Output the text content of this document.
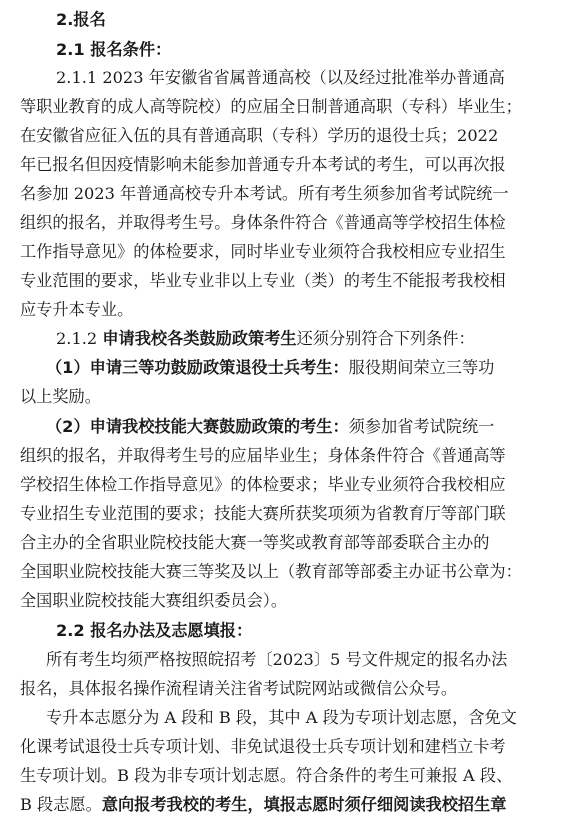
2.报名
2.1 报名条件：
2.1.1 2023 年安徽省省属普通高校（以及经过批准举办普通高
等职业教育的成人高等院校）的应届全日制普通高职（专科）毕业生；
在安徽省应征入伍的具有普通高职（专科）学历的退役士兵；2022
年已报名但因疫情影响未能参加普通专升本考试的考生，可以再次报
名参加 2023 年普通高校专升本考试。所有考生须参加省考试院统一
组织的报名，并取得考生号。身体条件符合《普通高等学校招生体检
工作指导意见》的体检要求，同时毕业专业须符合我校相应专业招生
专业范围的要求，毕业专业非以上专业（类）的考生不能报考我校相
应专升本专业。
2.1.2 申请我校各类鼓励政策考生还须分别符合下列条件：
（1）申请三等功鼓励政策退役士兵考生：服役期间荣立三等功
以上奖励。
（2）申请我校技能大赛鼓励政策的考生：须参加省考试院统一
组织的报名，并取得考生号的应届毕业生；身体条件符合《普通高等
学校招生体检工作指导意见》的体检要求；毕业专业须符合我校相应
专业招生专业范围的要求；技能大赛所获奖项须为省教育厅等部门联
合主办的全省职业院校技能大赛一等奖或教育部等部委联合主办的
全国职业院校技能大赛三等奖及以上（教育部等部委主办证书公章为：
全国职业院校技能大赛组织委员会）。
2.2 报名办法及志愿填报：
所有考生均须严格按照皖招考〔2023〕5 号文件规定的报名办法
报名，具体报名操作流程请关注省考试院网站或微信公众号。
专升本志愿分为 A 段和 B 段，其中 A 段为专项计划志愿，含免文
化课考试退役士兵专项计划、非免试退役士兵专项计划和建档立卡考
生专项计划。B 段为非专项计划志愿。符合条件的考生可兼报 A 段、
B 段志愿。意向报考我校的考生，填报志愿时须仔细阅读我校招生章
